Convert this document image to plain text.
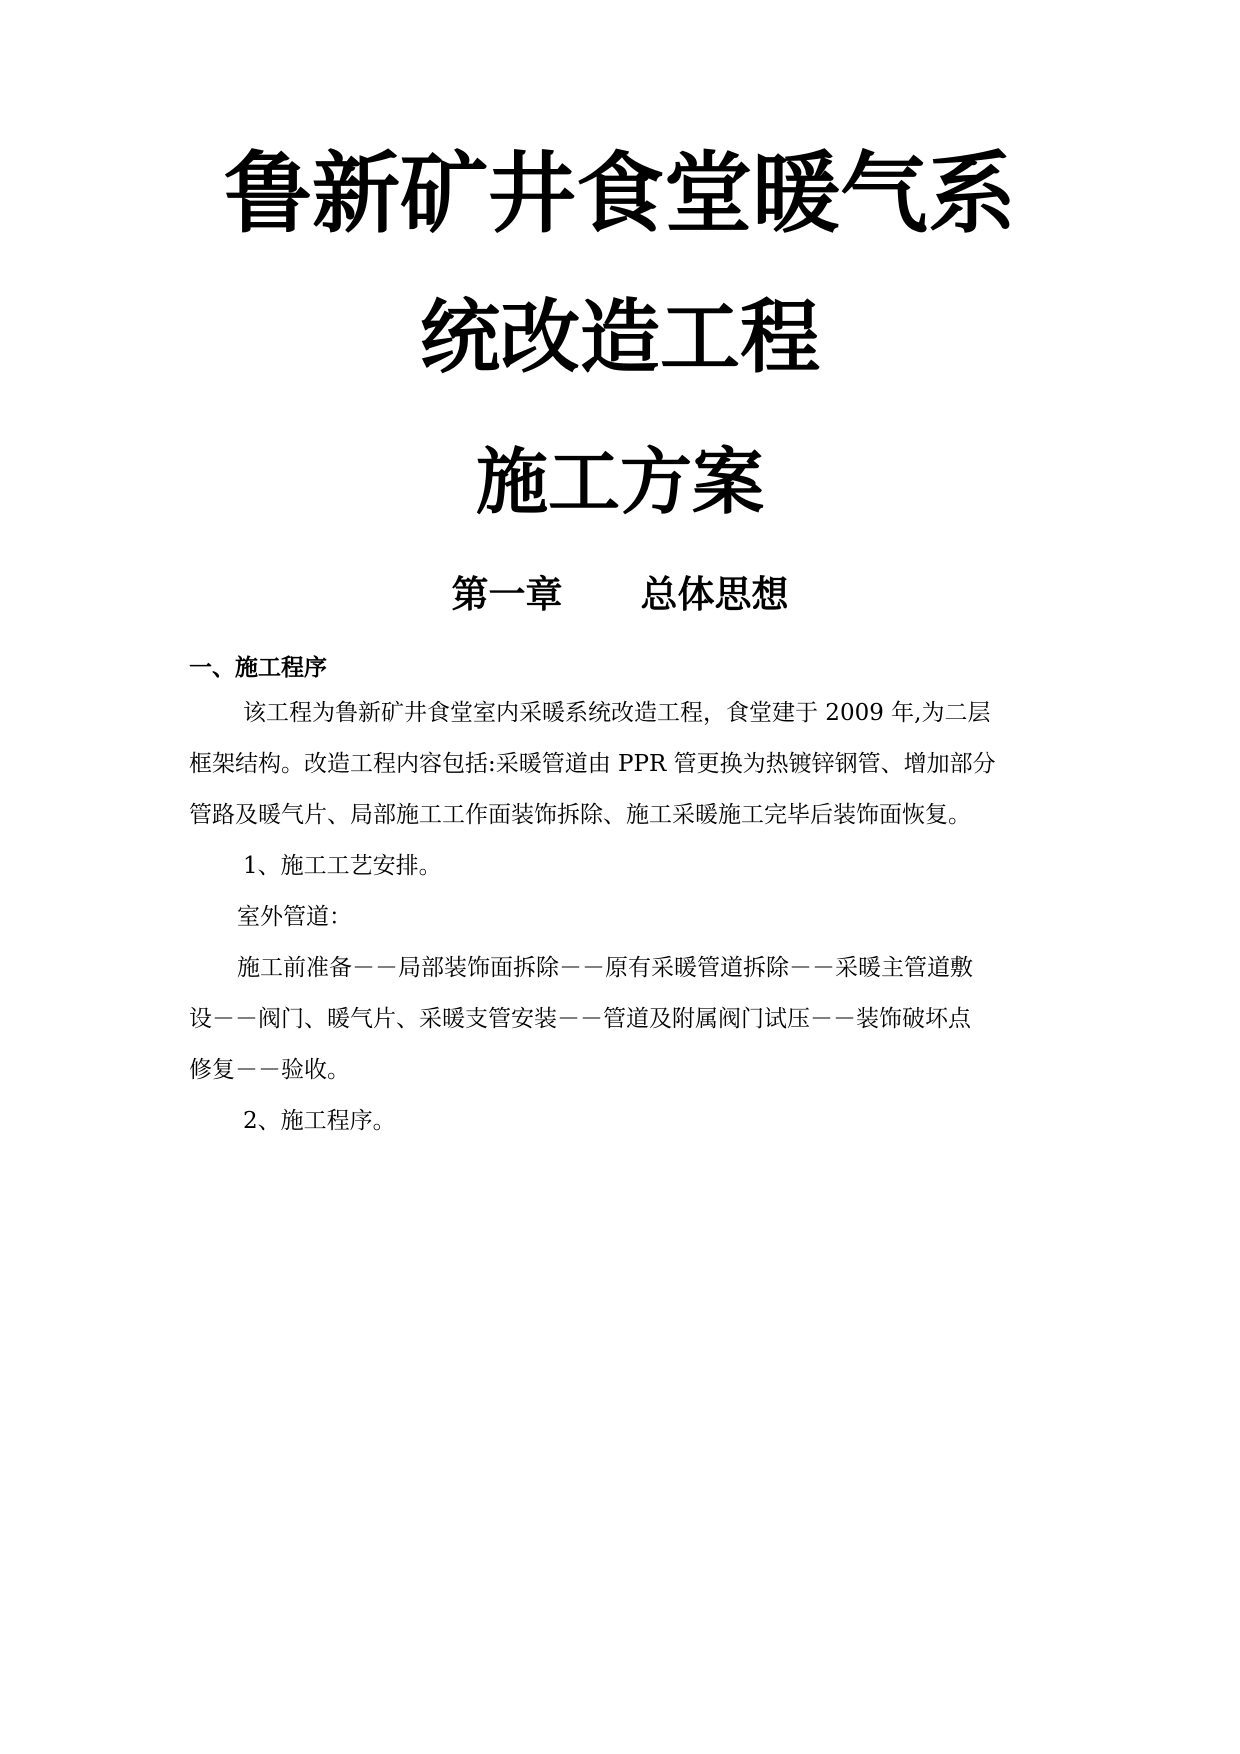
鲁新矿井食堂暖气系
统改造工程
施工方案
第一章 总体思想
一、施工程序
该工程为鲁新矿井食堂室内采暖系统改造工程，食堂建于 2009 年,为二层
框架结构。改造工程内容包括:采暖管道由 PPR 管更换为热镀锌钢管、增加部分
管路及暖气片、局部施工工作面装饰拆除、施工采暖施工完毕后装饰面恢复。
1、施工工艺安排。
室外管道：
施工前准备－－局部装饰面拆除－－原有采暖管道拆除－－采暖主管道敷
设－－阀门、暖气片、采暖支管安装－－管道及附属阀门试压－－装饰破坏点
修复－－验收。
2、施工程序。
